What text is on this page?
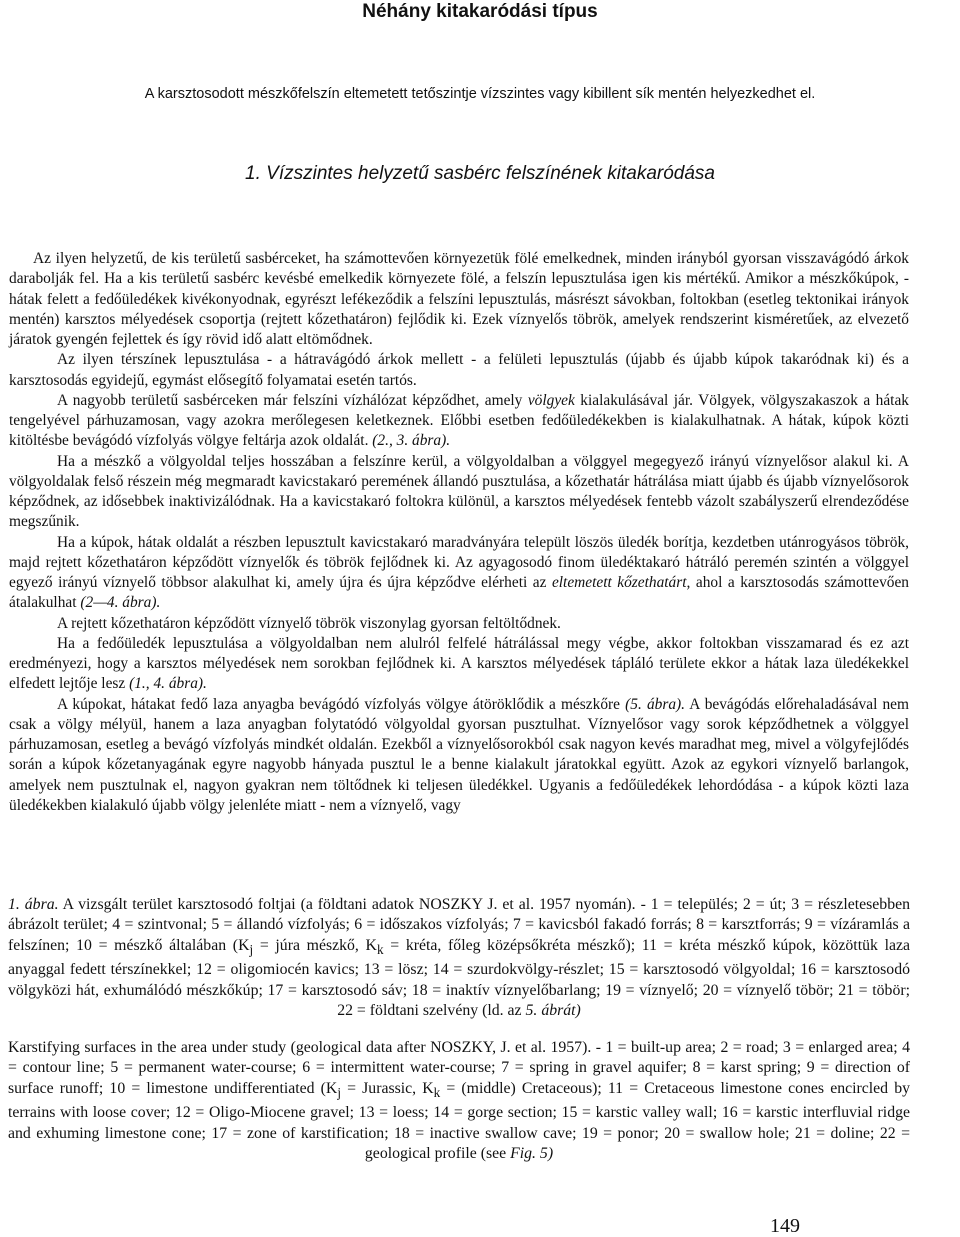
Néhány kitakaródási típus
A karsztosodott mészkőfelszín eltemetett tetőszintje vízszintes vagy kibillent sík mentén helyezkedhet el.
1. Vízszintes helyzetű sasbérc felszínének kitakaródása

Az ilyen helyzetű, de kis területű sasbérceket, ha számottevően környezetük fölé emelkednek, minden irányból gyorsan visszavágódó árkok darabolják fel. Ha a kis területű sasbérc kevésbé emelkedik környezete fölé, a felszín lepusztulása igen kis mértékű. Amikor a mészkőkúpok, -hátak felett a fedőüledékek kivékonyodnak, egyrészt lefékeződik a felszíni lepusztulás, másrészt sávokban, foltokban (esetleg tektonikai irányok mentén) karsztos mélyedések csoportja (rejtett kőzethatáron) fejlődik ki. Ezek víznyelős töbrök, amelyek rendszerint kisméretűek, az elvezető járatok gyengén fejlettek és így rövid idő alatt eltömődnek.

Az ilyen térszínek lepusztulása - a hátravágódó árkok mellett - a felületi lepusztulás (újabb és újabb kúpok takaródnak ki) és a karsztosodás egyidejű, egymást elősegítő folyamatai esetén tartós.

A nagyobb területű sasbérceken már felszíni vízhálózat képződhet, amely völgyek kialakulásával jár. Völgyek, völgyszakaszok a hátak tengelyével párhuzamosan, vagy azokra merőlegesen keletkeznek. Előbbi esetben fedőüledékekben is kialakulhatnak. A hátak, kúpok közti kitöltésbe bevágódó vízfolyás völgye feltárja azok oldalát. (2., 3. ábra).

Ha a mészkő a völgyoldal teljes hosszában a felszínre kerül, a völgyoldalban a völggyel megegyező irányú víznyelősor alakul ki. A völgyoldalak felső részein még megmaradt kavicstakaró peremének állandó pusztulása, a kőzethatár hátrálása miatt újabb és újabb víznyelősorok képződnek, az idősebbek inaktivizálódnak. Ha a kavicstakaró foltokra különül, a karsztos mélyedések fentebb vázolt szabályszerű elrendeződése megszűnik.

Ha a kúpok, hátak oldalát a részben lepusztult kavicstakaró maradványára települt löszös üledék borítja, kezdetben utánrogyásos töbrök, majd rejtett kőzethatáron képződött víznyelők és töbrök fejlődnek ki. Az agyagosodó finom üledéktakaró hátráló peremén szintén a völggyel egyező irányú víznyelő többsor alakulhat ki, amely újra és újra képződve elérheti az eltemetett kőzethatárt, ahol a karsztosodás számottevően átalakulhat (2—4. ábra).

A rejtett kőzethatáron képződött víznyelő töbrök viszonylag gyorsan feltöltődnek.

Ha a fedőüledék lepusztulása a völgyoldalban nem alulról felfelé hátrálással megy végbe, akkor foltokban visszamarad és ez azt eredményezi, hogy a karsztos mélyedések nem sorokban fejlődnek ki. A karsztos mélyedések tápláló területe ekkor a hátak laza üledékekkel elfedett lejtője lesz (1., 4. ábra).

A kúpokat, hátakat fedő laza anyagba bevágódó vízfolyás völgye átöröklődik a mészkőre (5. ábra). A bevágódás előrehaladásával nem csak a völgy mélyül, hanem a laza anyagban folytatódó völgyoldal gyorsan pusztulhat. Víznyelősor vagy sorok képződhetnek a völggyel párhuzamosan, esetleg a bevágó vízfolyás mindkét oldalán. Ezekből a víznyelősorokból csak nagyon kevés maradhat meg, mivel a völgyfejlődés során a kúpok kőzetanyagának egyre nagyobb hányada pusztul le a benne kialakult járatokkal együtt. Azok az egykori víznyelő barlangok, amelyek nem pusztulnak el, nagyon gyakran nem töltődnek ki teljesen üledékkel. Ugyanis a fedőüledékek lehordódása - a kúpok közti laza üledékekben kialakuló újabb völgy jelenléte miatt - nem a víznyelő, vagy

1. ábra. A vizsgált terület karsztosodó foltjai (a földtani adatok NOSZKY J. et al. 1957 nyomán). - 1 = település; 2 = út; 3 = részletesebben ábrázolt terület; 4 = szintvonal; 5 = állandó vízfolyás; 6 = időszakos vízfolyás; 7 = kavicsból fakadó forrás; 8 = karsztforrás; 9 = vízáramlás a felszínen; 10 = mészkő általában ($K_j$ = júra mészkő, $K_k$ = kréta, főleg középsőkréta mészkő); 11 = kréta mészkő kúpok, közöttük laza anyaggal fedett térszínekkel; 12 = oligomiocén kavics; 13 = lösz; 14 = szurdokvölgy-részlet; 15 = karsztosodó völgyoldal; 16 = karsztosodó völgyközi hát, exhumálódó mészkőkúp; 17 = karsztosodó sáv; 18 = inaktív víznyelőbarlang; 19 = víznyelő; 20 = víznyelő töbör; 21 = töbör; 22 = földtani szelvény (ld. az 5. ábrát)

Karstifying surfaces in the area under study (geological data after NOSZKY, J. et al. 1957). - 1 = built-up area; 2 = road; 3 = enlarged area; 4 = contour line; 5 = permanent water-course; 6 = intermittent water-course; 7 = spring in gravel aquifer; 8 = karst spring; 9 = direction of surface runoff; 10 = limestone undifferentiated ($K_j$ = Jurassic, $K_k$ = (middle) Cretaceous); 11 = Cretaceous limestone cones encircled by terrains with loose cover; 12 = Oligo-Miocene gravel; 13 = loess; 14 = gorge section; 15 = karstic valley wall; 16 = karstic interfluvial ridge and exhuming limestone cone; 17 = zone of karstification; 18 = inactive swallow cave; 19 = ponor; 20 = swallow hole; 21 = doline; 22 = geological profile (see Fig. 5)

149
